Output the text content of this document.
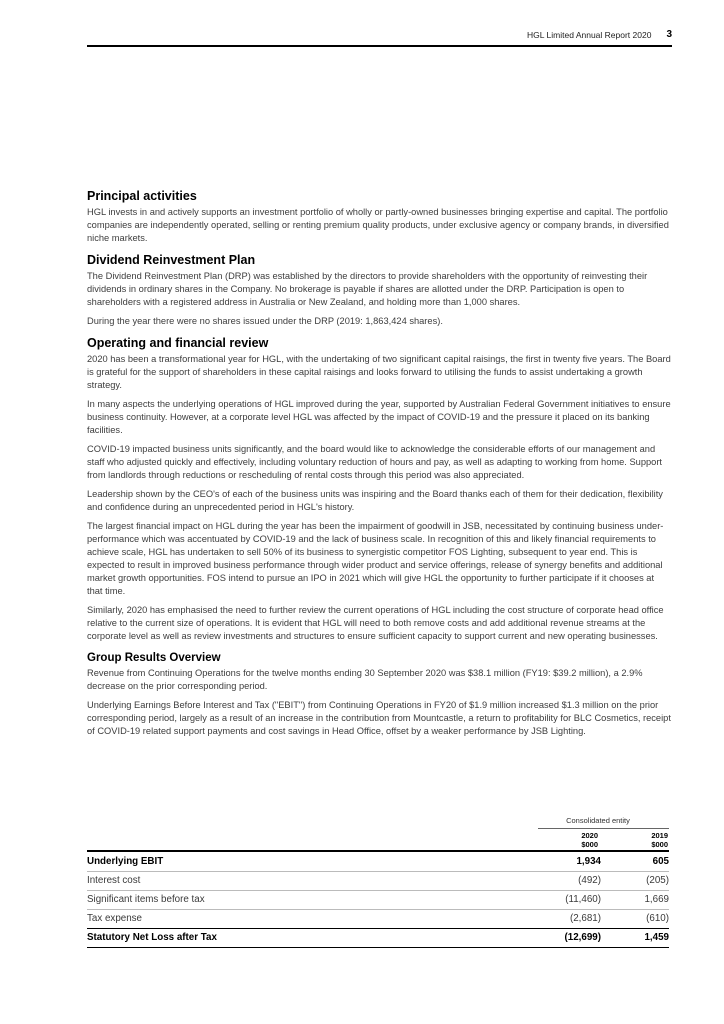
HGL Limited Annual Report 2020 3
Principal activities

HGL invests in and actively supports an investment portfolio of wholly or partly-owned businesses bringing expertise and capital. The portfolio companies are independently operated, selling or renting premium quality products, under exclusive agency or company brands, in diversified niche markets.

Dividend Reinvestment Plan

The Dividend Reinvestment Plan (DRP) was established by the directors to provide shareholders with the opportunity of reinvesting their dividends in ordinary shares in the Company. No brokerage is payable if shares are allotted under the DRP. Participation is open to shareholders with a registered address in Australia or New Zealand, and holding more than 1,000 shares.

During the year there were no shares issued under the DRP (2019: 1,863,424 shares).

Operating and financial review

2020 has been a transformational year for HGL, with the undertaking of two significant capital raisings, the first in twenty five years. The Board is grateful for the support of shareholders in these capital raisings and looks forward to utilising the funds to assist undertaking a growth strategy.

In many aspects the underlying operations of HGL improved during the year, supported by Australian Federal Government initiatives to ensure business continuity. However, at a corporate level HGL was affected by the impact of COVID-19 and the pressure it placed on its banking facilities.

COVID-19 impacted business units significantly, and the board would like to acknowledge the considerable efforts of our management and staff who adjusted quickly and effectively, including voluntary reduction of hours and pay, as well as adapting to working from home. Support from landlords through reductions or rescheduling of rental costs through this period was also appreciated.

Leadership shown by the CEO's of each of the business units was inspiring and the Board thanks each of them for their dedication, flexibility and confidence during an unprecedented period in HGL's history.

The largest financial impact on HGL during the year has been the impairment of goodwill in JSB, necessitated by continuing business under-performance which was accentuated by COVID-19 and the lack of business scale. In recognition of this and likely financial requirements to achieve scale, HGL has undertaken to sell 50% of its business to synergistic competitor FOS Lighting, subsequent to year end. This is expected to result in improved business performance through wider product and service offerings, release of synergy benefits and additional market growth opportunities. FOS intend to pursue an IPO in 2021 which will give HGL the opportunity to further participate if it chooses at that time.

Similarly, 2020 has emphasised the need to further review the current operations of HGL including the cost structure of corporate head office relative to the current size of operations. It is evident that HGL will need to both remove costs and add additional revenue streams at the corporate level as well as review investments and structures to ensure sufficient capacity to support current and new operating businesses.

Group Results Overview

Revenue from Continuing Operations for the twelve months ending 30 September 2020 was $38.1 million (FY19: $39.2 million), a 2.9% decrease on the prior corresponding period.

Underlying Earnings Before Interest and Tax ("EBIT") from Continuing Operations in FY20 of $1.9 million increased $1.3 million on the prior corresponding period, largely as a result of an increase in the contribution from Mountcastle, a return to profitability for BLC Cosmetics, receipt of COVID-19 related support payments and cost savings in Head Office, offset by a weaker performance by JSB Lighting.

Consolidated entity
2020
$000
2019
$000
Underlying EBIT	1,934	605
Interest cost	(492)	(205)
Significant items before tax	(11,460)	1,669
Tax expense	(2,681)	(610)
Statutory Net Loss after Tax	(12,699)	1,459
